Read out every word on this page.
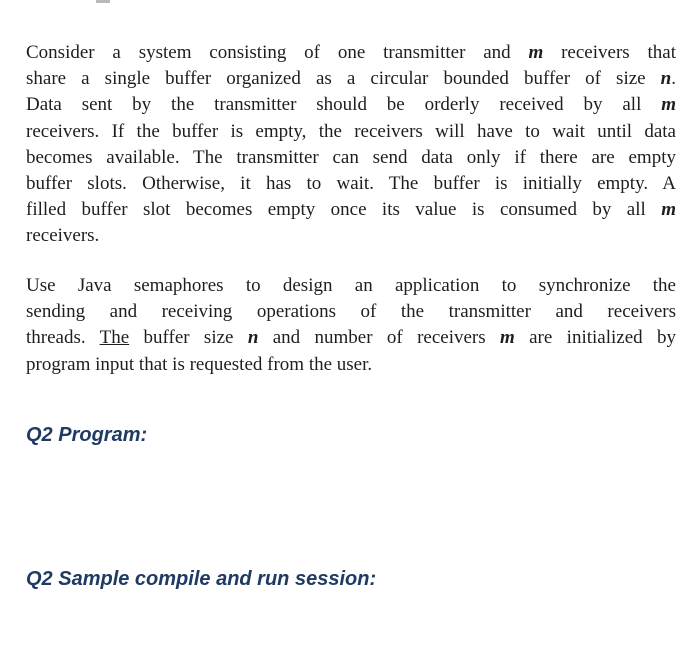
Consider a system consisting of one transmitter and m receivers that
share a single buffer organized as a circular bounded buffer of size n.
Data sent by the transmitter should be orderly received by all m
receivers. If the buffer is empty, the receivers will have to wait until data
becomes available. The transmitter can send data only if there are empty
buffer slots. Otherwise, it has to wait. The buffer is initially empty. A
filled buffer slot becomes empty once its value is consumed by all m
receivers.
Use Java semaphores to design an application to synchronize the
sending and receiving operations of the transmitter and receivers
threads. The buffer size n and number of receivers m are initialized by
program input that is requested from the user.
Q2 Program:
Q2 Sample compile and run session:
